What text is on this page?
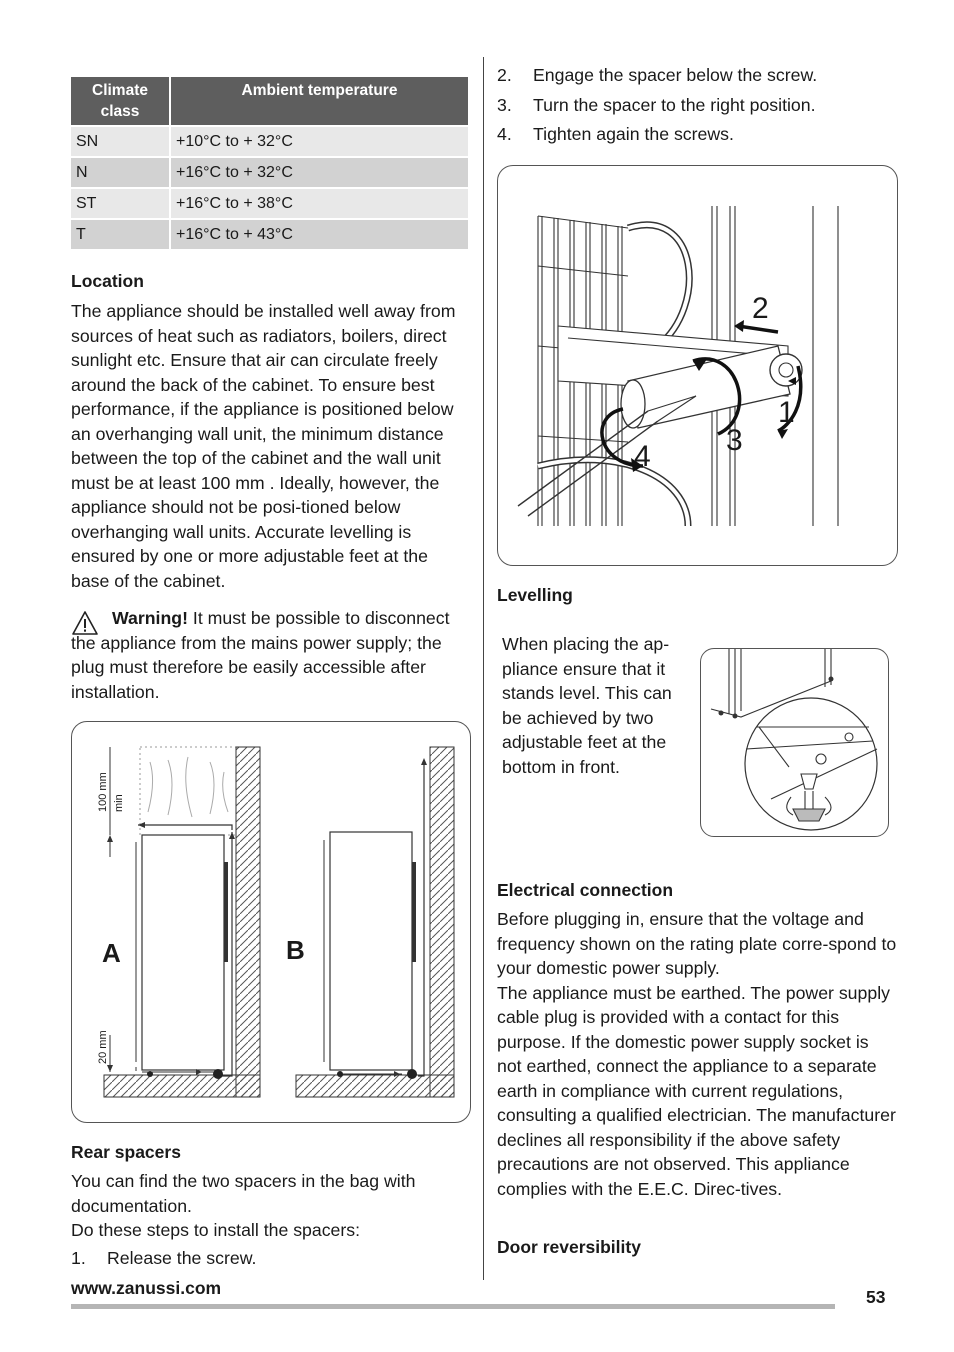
Climate class	Ambient temperature
SN	+10°C to + 32°C
N	+16°C to + 32°C
ST	+16°C to + 38°C
T	+16°C to + 43°C
Location

The appliance should be installed well away from sources of heat such as radiators, boilers, direct sunlight etc. Ensure that air can circulate freely around the back of the cabinet. To ensure best performance, if the appliance is positioned below an overhanging wall unit, the minimum distance between the top of the cabinet and the wall unit must be at least 100 mm . Ideally, however, the appliance should not be posi-tioned below overhanging wall units. Accurate levelling is ensured by one or more adjustable feet at the base of the cabinet.

Warning! It must be possible to disconnect the appliance from the mains power supply; the plug must therefore be easily accessible after installation.

A	B
100 mm min
20 mm
Rear spacers

You can find the two spacers in the bag with documentation.

Do these steps to install the spacers:

1. Release the screw.
2. Engage the spacer below the screw.
3. Turn the spacer to the right position.
4. Tighten again the screws.
2
1
3
4
Levelling

When placing the ap-pliance ensure that it stands level. This can be achieved by two adjustable feet at the bottom in front.

Electrical connection

Before plugging in, ensure that the voltage and frequency shown on the rating plate corre-spond to your domestic power supply.
The appliance must be earthed. The power supply cable plug is provided with a contact for this purpose. If the domestic power supply socket is not earthed, connect the appliance to a separate earth in compliance with current regulations, consulting a qualified electrician. The manufacturer declines all responsibility if the above safety precautions are not observed. This appliance complies with the E.E.C. Direc-tives.

Door reversibility
www.zanussi.com	53
